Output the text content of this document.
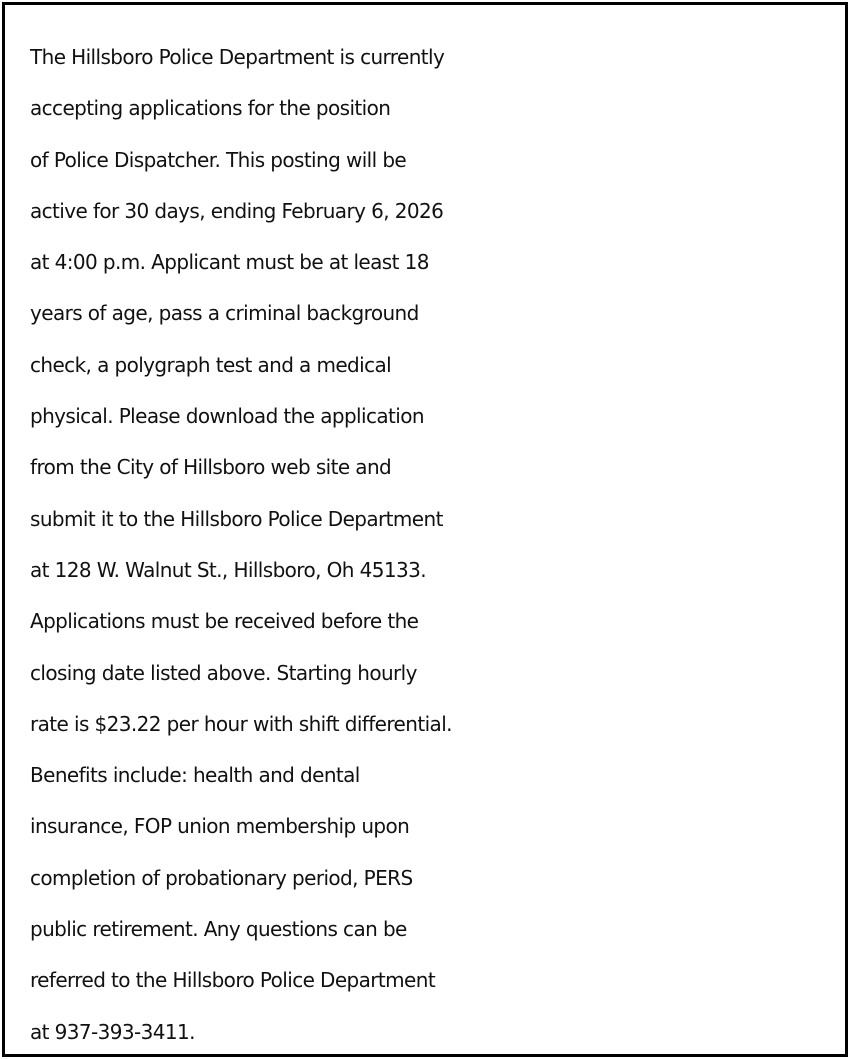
The Hillsboro Police Department is currently
accepting applications for the position
of Police Dispatcher. This posting will be
active for 30 days, ending February 6, 2026
at 4:00 p.m. Applicant must be at least 18
years of age, pass a criminal background
check, a polygraph test and a medical
physical. Please download the application
from the City of Hillsboro web site and
submit it to the Hillsboro Police Department
at 128 W. Walnut St., Hillsboro, Oh 45133.
Applications must be received before the
closing date listed above. Starting hourly
rate is $23.22 per hour with shift differential.
Benefits include: health and dental
insurance, FOP union membership upon
completion of probationary period, PERS
public retirement. Any questions can be
referred to the Hillsboro Police Department
at 937-393-3411.
